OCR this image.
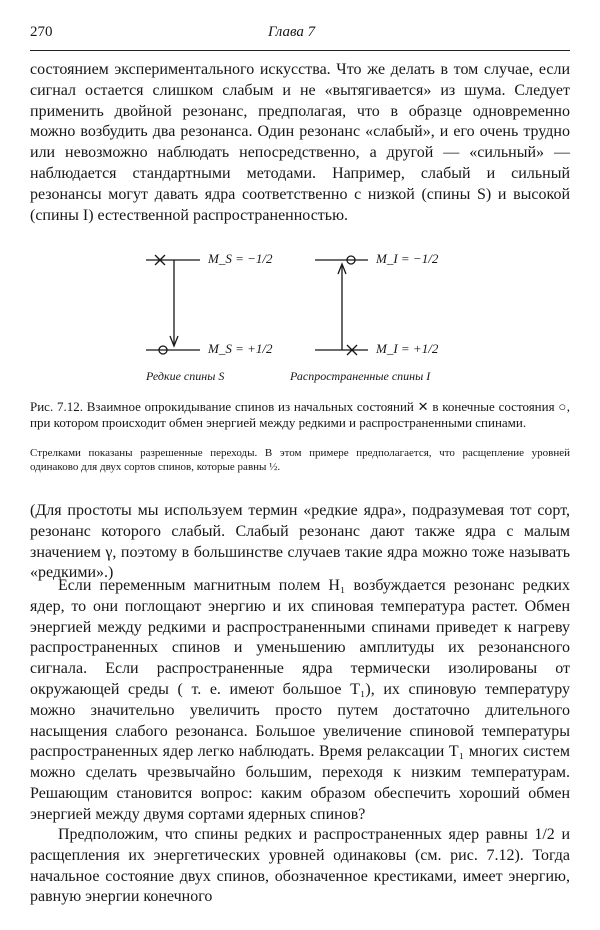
270	Глава 7

состоянием экспериментального искусства. Что же делать в том случае, если сигнал остается слишком слабым и не «вытягивается» из шума. Следует применить двойной резонанс, предполагая, что в образце одновременно можно возбудить два резонанса. Один резонанс «слабый», и его очень трудно или невозможно наблюдать непосредственно, а другой — «сильный» — наблюдается стандартными методами. Например, слабый и сильный резонансы могут давать ядра соответственно с низкой (спины S) и высокой (спины I) естественной распространенностью.

M_S = −1/2
M_S = +1/2
M_I = −1/2
M_I = +1/2
Редкие спины S	Распространенные спины I

Рис. 7.12. Взаимное опрокидывание спинов из начальных состояний ✕ в конечные состояния ○, при котором происходит обмен энергией между редкими и распространенными спинами.

Стрелками показаны разрешенные переходы. В этом примере предполагается, что расщепление уровней одинаково для двух сортов спинов, которые равны ½.

(Для простоты мы используем термин «редкие ядра», подразумевая тот сорт, резонанс которого слабый. Слабый резонанс дают также ядра с малым значением γ, поэтому в большинстве случаев такие ядра можно тоже называть «редкими».)

Если переменным магнитным полем H₁ возбуждается резонанс редких ядер, то они поглощают энергию и их спиновая температура растет. Обмен энергией между редкими и распространенными спинами приведет к нагреву распространенных спинов и уменьшению амплитуды их резонансного сигнала. Если распространенные ядра термически изолированы от окружающей среды ( т. е. имеют большое T₁), их спиновую температуру можно значительно увеличить просто путем достаточно длительного насыщения слабого резонанса. Большое увеличение спиновой температуры распространенных ядер легко наблюдать. Время релаксации T₁ многих систем можно сделать чрезвычайно большим, переходя к низким температурам. Решающим становится вопрос: каким образом обеспечить хороший обмен энергией между двумя сортами ядерных спинов?

Предположим, что спины редких и распространенных ядер равны 1/2 и расщепления их энергетических уровней одинаковы (см. рис. 7.12). Тогда начальное состояние двух спинов, обозначенное крестиками, имеет энергию, равную энергии конечного
